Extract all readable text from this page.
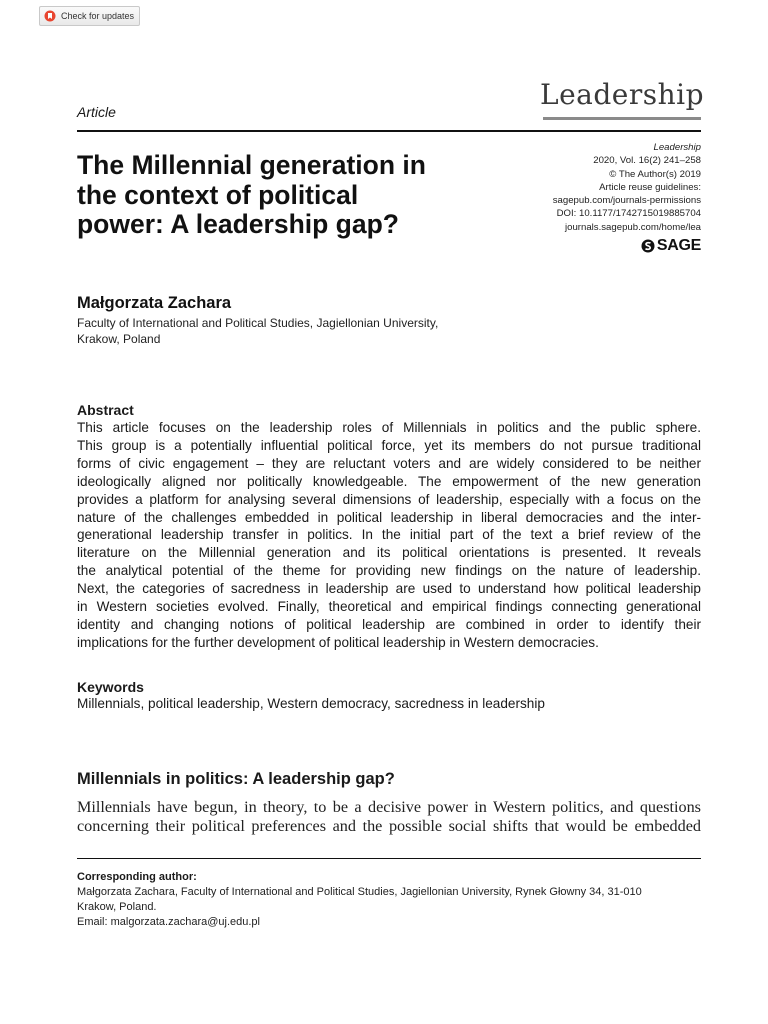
Check for updates
Article
Leadership
The Millennial generation in the context of political power: A leadership gap?
Leadership
2020, Vol. 16(2) 241–258
© The Author(s) 2019
Article reuse guidelines:
sagepub.com/journals-permissions
DOI: 10.1177/1742715019885704
journals.sagepub.com/home/lea
SAGE
Małgorzata Zachara
Faculty of International and Political Studies, Jagiellonian University,
Krakow, Poland
Abstract
This article focuses on the leadership roles of Millennials in politics and the public sphere.
This group is a potentially influential political force, yet its members do not pursue traditional
forms of civic engagement – they are reluctant voters and are widely considered to be neither
ideologically aligned nor politically knowledgeable. The empowerment of the new generation
provides a platform for analysing several dimensions of leadership, especially with a focus on the
nature of the challenges embedded in political leadership in liberal democracies and the inter-
generational leadership transfer in politics. In the initial part of the text a brief review of the
literature on the Millennial generation and its political orientations is presented. It reveals
the analytical potential of the theme for providing new findings on the nature of leadership.
Next, the categories of sacredness in leadership are used to understand how political leadership
in Western societies evolved. Finally, theoretical and empirical findings connecting generational
identity and changing notions of political leadership are combined in order to identify their
implications for the further development of political leadership in Western democracies.
Keywords
Millennials, political leadership, Western democracy, sacredness in leadership
Millennials in politics: A leadership gap?
Millennials have begun, in theory, to be a decisive power in Western politics, and questions
concerning their political preferences and the possible social shifts that would be embedded
Corresponding author:
Małgorzata Zachara, Faculty of International and Political Studies, Jagiellonian University, Rynek Głowny 34, 31-010
Krakow, Poland.
Email: malgorzata.zachara@uj.edu.pl
